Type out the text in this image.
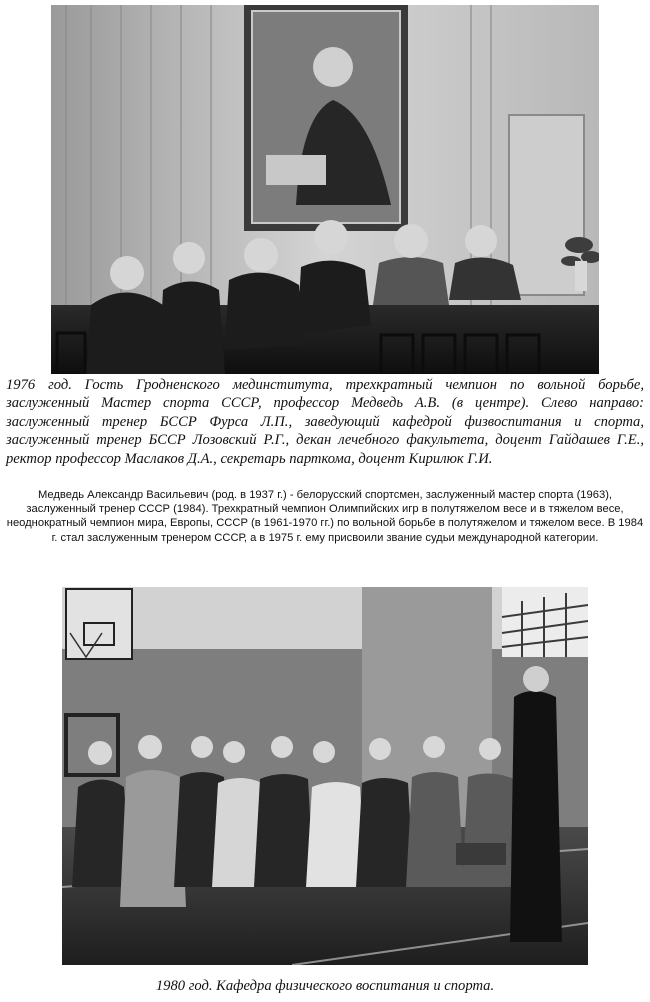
1976 год. Гость Гродненского мединститута, трехкратный чемпион по вольной борьбе, заслуженный Мастер спорта СССР, профессор Медведь А.В. (в центре). Слево направо: заслуженный тренер БССР Фурса Л.П., заведующий кафедрой физвоспитания и спорта, заслуженный тренер БССР Лозовский Р.Г., декан лечебного факультета, доцент Гайдашев Г.Е., ректор профессор Маслаков Д.А., секретарь парткома, доцент Кирилюк Г.И.
Медведь Александр Васильевич (род. в 1937 г.) - белорусский спортсмен, заслуженный мастер спорта (1963), заслуженный тренер СССР (1984). Трехкратный чемпион Олимпийских игр в полутяжелом весе и в тяжелом весе, неоднократный чемпион мира, Европы, СССР (в 1961-1970 гг.) по вольной борьбе в полутяжелом и тяжелом весе. В 1984 г. стал заслуженным тренером СССР, а в 1975 г. ему присвоили звание судьи международной категории.
1980 год. Кафедра физического воспитания и спорта.
